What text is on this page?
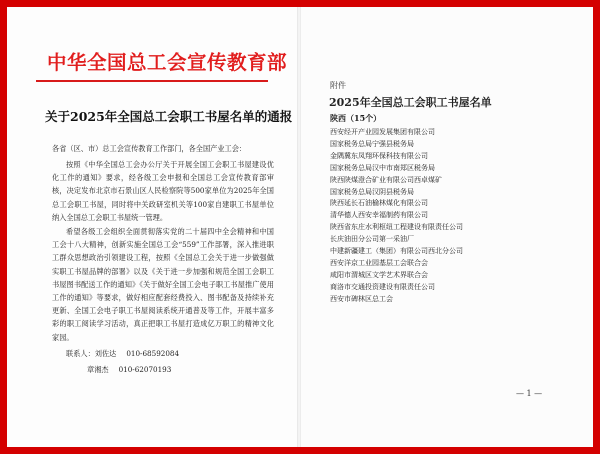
中华全国总工会宣传教育部
关于2025年全国总工会职工书屋名单的通报
各省（区、市）总工会宣传教育工作部门，各全国产业工会：
按照《中华全国总工会办公厅关于开展全国工会职工书屋建设优化工作的通知》要求，经各级工会申报和全国总工会宣传教育部审核，决定发布北京市石景山区人民检察院等500家单位为2025年全国总工会职工书屋，同时将中关政研室机关等100家自建职工书屋单位纳入全国总工会职工书屋统一管理。
希望各级工会组织全面贯彻落实党的二十届四中全会精神和中国工会十八大精神，创新实施全国总工会“559”工作部署，深入推进职工群众思想政治引领建设工程，按照《全国总工会关于进一步做强做实职工书屋品牌的部署》以及《关于进一步加强和规范全国工会职工书屋图书配送工作的通知》《关于做好全国工会电子职工书屋推广使用工作的通知》等要求，做好相应配套经费投入、图书配备及持续补充更新、全国工会电子职工书屋阅读系统开通普及等工作，开展丰富多彩的职工阅读学习活动，真正把职工书屋打造成亿万职工的精神文化家园。
联系人：刘佐达 010-68592084
章湘杰 010-62070193
附件
2025年全国总工会职工书屋名单
陕西（15个）
西安经开产业园发展集团有限公司
国家税务总局宁强县税务局
金隅冀东凤翔环保科技有限公司
国家税务总局汉中市南郑区税务局
陕西陕煤澄合矿业有限公司西卓煤矿
国家税务总局汉阴县税务局
陕西延长石油榆林煤化有限公司
清华德人西安幸福制药有限公司
陕西省东庄水利枢纽工程建设有限责任公司
长庆油田分公司第一采油厂
中建新疆建工（集团）有限公司西北分公司
西安洋京工业园基层工会联合会
咸阳市渭城区文学艺术界联合会
商洛市交通投资建设有限责任公司
西安市碑林区总工会
— 1 —
